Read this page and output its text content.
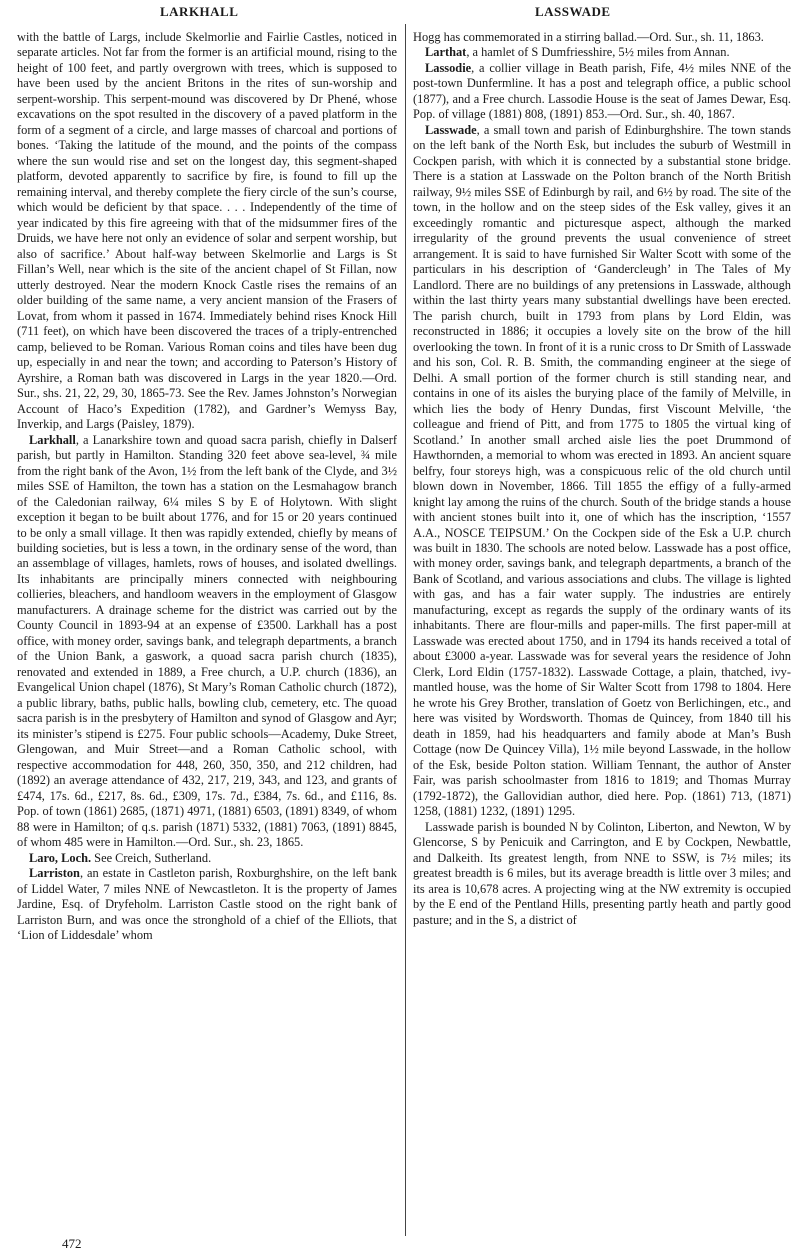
LARKHALL	LASSWADE

with the battle of Largs, include Skelmorlie and Fairlie Castles, noticed in separate articles. Not far from the former is an artificial mound, rising to the height of 100 feet, and partly overgrown with trees, which is supposed to have been used by the ancient Britons in the rites of sun-worship and serpent-worship. This serpent-mound was discovered by Dr Phené, whose excavations on the spot resulted in the discovery of a paved platform in the form of a segment of a circle, and large masses of charcoal and portions of bones. ‘Taking the latitude of the mound, and the points of the compass where the sun would rise and set on the longest day, this segment-shaped platform, devoted apparently to sacrifice by fire, is found to fill up the remaining interval, and thereby complete the fiery circle of the sun’s course, which would be deficient by that space. . . . Independently of the time of year indicated by this fire agreeing with that of the midsummer fires of the Druids, we have here not only an evidence of solar and serpent worship, but also of sacrifice.’ About half-way between Skelmorlie and Largs is St Fillan’s Well, near which is the site of the ancient chapel of St Fillan, now utterly destroyed. Near the modern Knock Castle rises the remains of an older building of the same name, a very ancient mansion of the Frasers of Lovat, from whom it passed in 1674. Immediately behind rises Knock Hill (711 feet), on which have been discovered the traces of a triply-entrenched camp, believed to be Roman. Various Roman coins and tiles have been dug up, especially in and near the town; and according to Paterson’s History of Ayrshire, a Roman bath was discovered in Largs in the year 1820.—Ord. Sur., shs. 21, 22, 29, 30, 1865-73. See the Rev. James Johnston’s Norwegian Account of Haco’s Expedition (1782), and Gardner’s Wemyss Bay, Inverkip, and Largs (Paisley, 1879).

Larkhall, a Lanarkshire town and quoad sacra parish, chiefly in Dalserf parish, but partly in Hamilton. Standing 320 feet above sea-level, ¾ mile from the right bank of the Avon, 1½ from the left bank of the Clyde, and 3½ miles SSE of Hamilton, the town has a station on the Lesmahagow branch of the Caledonian railway, 6¼ miles S by E of Holytown. With slight exception it began to be built about 1776, and for 15 or 20 years continued to be only a small village. It then was rapidly extended, chiefly by means of building societies, but is less a town, in the ordinary sense of the word, than an assemblage of villages, hamlets, rows of houses, and isolated dwellings. Its inhabitants are principally miners connected with neighbouring collieries, bleachers, and handloom weavers in the employment of Glasgow manufacturers. A drainage scheme for the district was carried out by the County Council in 1893-94 at an expense of £3500. Larkhall has a post office, with money order, savings bank, and telegraph departments, a branch of the Union Bank, a gaswork, a quoad sacra parish church (1835), renovated and extended in 1889, a Free church, a U.P. church (1836), an Evangelical Union chapel (1876), St Mary’s Roman Catholic church (1872), a public library, baths, public halls, bowling club, cemetery, etc. The quoad sacra parish is in the presbytery of Hamilton and synod of Glasgow and Ayr; its minister’s stipend is £275. Four public schools—Academy, Duke Street, Glengowan, and Muir Street—and a Roman Catholic school, with respective accommodation for 448, 260, 350, 350, and 212 children, had (1892) an average attendance of 432, 217, 219, 343, and 123, and grants of £474, 17s. 6d., £217, 8s. 6d., £309, 17s. 7d., £384, 7s. 6d., and £116, 8s. Pop. of town (1861) 2685, (1871) 4971, (1881) 6503, (1891) 8349, of whom 88 were in Hamilton; of q.s. parish (1871) 5332, (1881) 7063, (1891) 8845, of whom 485 were in Hamilton.—Ord. Sur., sh. 23, 1865.

Laro, Loch. See Creich, Sutherland.

Larriston, an estate in Castleton parish, Roxburghshire, on the left bank of Liddel Water, 7 miles NNE of Newcastleton. It is the property of James Jardine, Esq. of Dryfeholm. Larriston Castle stood on the right bank of Larriston Burn, and was once the stronghold of a chief of the Elliots, that ‘Lion of Liddesdale’ whom

Hogg has commemorated in a stirring ballad.—Ord. Sur., sh. 11, 1863.

Larthat, a hamlet of S Dumfriesshire, 5½ miles from Annan.

Lassodie, a collier village in Beath parish, Fife, 4½ miles NNE of the post-town Dunfermline. It has a post and telegraph office, a public school (1877), and a Free church. Lassodie House is the seat of James Dewar, Esq. Pop. of village (1881) 808, (1891) 853.—Ord. Sur., sh. 40, 1867.

Lasswade, a small town and parish of Edinburghshire. The town stands on the left bank of the North Esk, but includes the suburb of Westmill in Cockpen parish, with which it is connected by a substantial stone bridge. There is a station at Lasswade on the Polton branch of the North British railway, 9½ miles SSE of Edinburgh by rail, and 6½ by road. The site of the town, in the hollow and on the steep sides of the Esk valley, gives it an exceedingly romantic and picturesque aspect, although the marked irregularity of the ground prevents the usual convenience of street arrangement. It is said to have furnished Sir Walter Scott with some of the particulars in his description of ‘Gandercleugh’ in The Tales of My Landlord. There are no buildings of any pretensions in Lasswade, although within the last thirty years many substantial dwellings have been erected. The parish church, built in 1793 from plans by Lord Eldin, was reconstructed in 1886; it occupies a lovely site on the brow of the hill overlooking the town. In front of it is a runic cross to Dr Smith of Lasswade and his son, Col. R. B. Smith, the commanding engineer at the siege of Delhi. A small portion of the former church is still standing near, and contains in one of its aisles the burying place of the family of Melville, in which lies the body of Henry Dundas, first Viscount Melville, ‘the colleague and friend of Pitt, and from 1775 to 1805 the virtual king of Scotland.’ In another small arched aisle lies the poet Drummond of Hawthornden, a memorial to whom was erected in 1893. An ancient square belfry, four storeys high, was a conspicuous relic of the old church until blown down in November, 1866. Till 1855 the effigy of a fully-armed knight lay among the ruins of the church. South of the bridge stands a house with ancient stones built into it, one of which has the inscription, ‘1557 A.A., NOSCE TEIPSUM.’ On the Cockpen side of the Esk a U.P. church was built in 1830. The schools are noted below. Lasswade has a post office, with money order, savings bank, and telegraph departments, a branch of the Bank of Scotland, and various associations and clubs. The village is lighted with gas, and has a fair water supply. The industries are entirely manufacturing, except as regards the supply of the ordinary wants of its inhabitants. There are flour-mills and paper-mills. The first paper-mill at Lasswade was erected about 1750, and in 1794 its hands received a total of about £3000 a-year. Lasswade was for several years the residence of John Clerk, Lord Eldin (1757-1832). Lasswade Cottage, a plain, thatched, ivy-mantled house, was the home of Sir Walter Scott from 1798 to 1804. Here he wrote his Grey Brother, translation of Goetz von Berlichingen, etc., and here was visited by Wordsworth. Thomas de Quincey, from 1840 till his death in 1859, had his headquarters and family abode at Man’s Bush Cottage (now De Quincey Villa), 1½ mile beyond Lasswade, in the hollow of the Esk, beside Polton station. William Tennant, the author of Anster Fair, was parish schoolmaster from 1816 to 1819; and Thomas Murray (1792-1872), the Gallovidian author, died here. Pop. (1861) 713, (1871) 1258, (1881) 1232, (1891) 1295.

Lasswade parish is bounded N by Colinton, Liberton, and Newton, W by Glencorse, S by Penicuik and Carrington, and E by Cockpen, Newbattle, and Dalkeith. Its greatest length, from NNE to SSW, is 7½ miles; its greatest breadth is 6 miles, but its average breadth is little over 3 miles; and its area is 10,678 acres. A projecting wing at the NW extremity is occupied by the E end of the Pentland Hills, presenting partly heath and partly good pasture; and in the S, a district of

472
